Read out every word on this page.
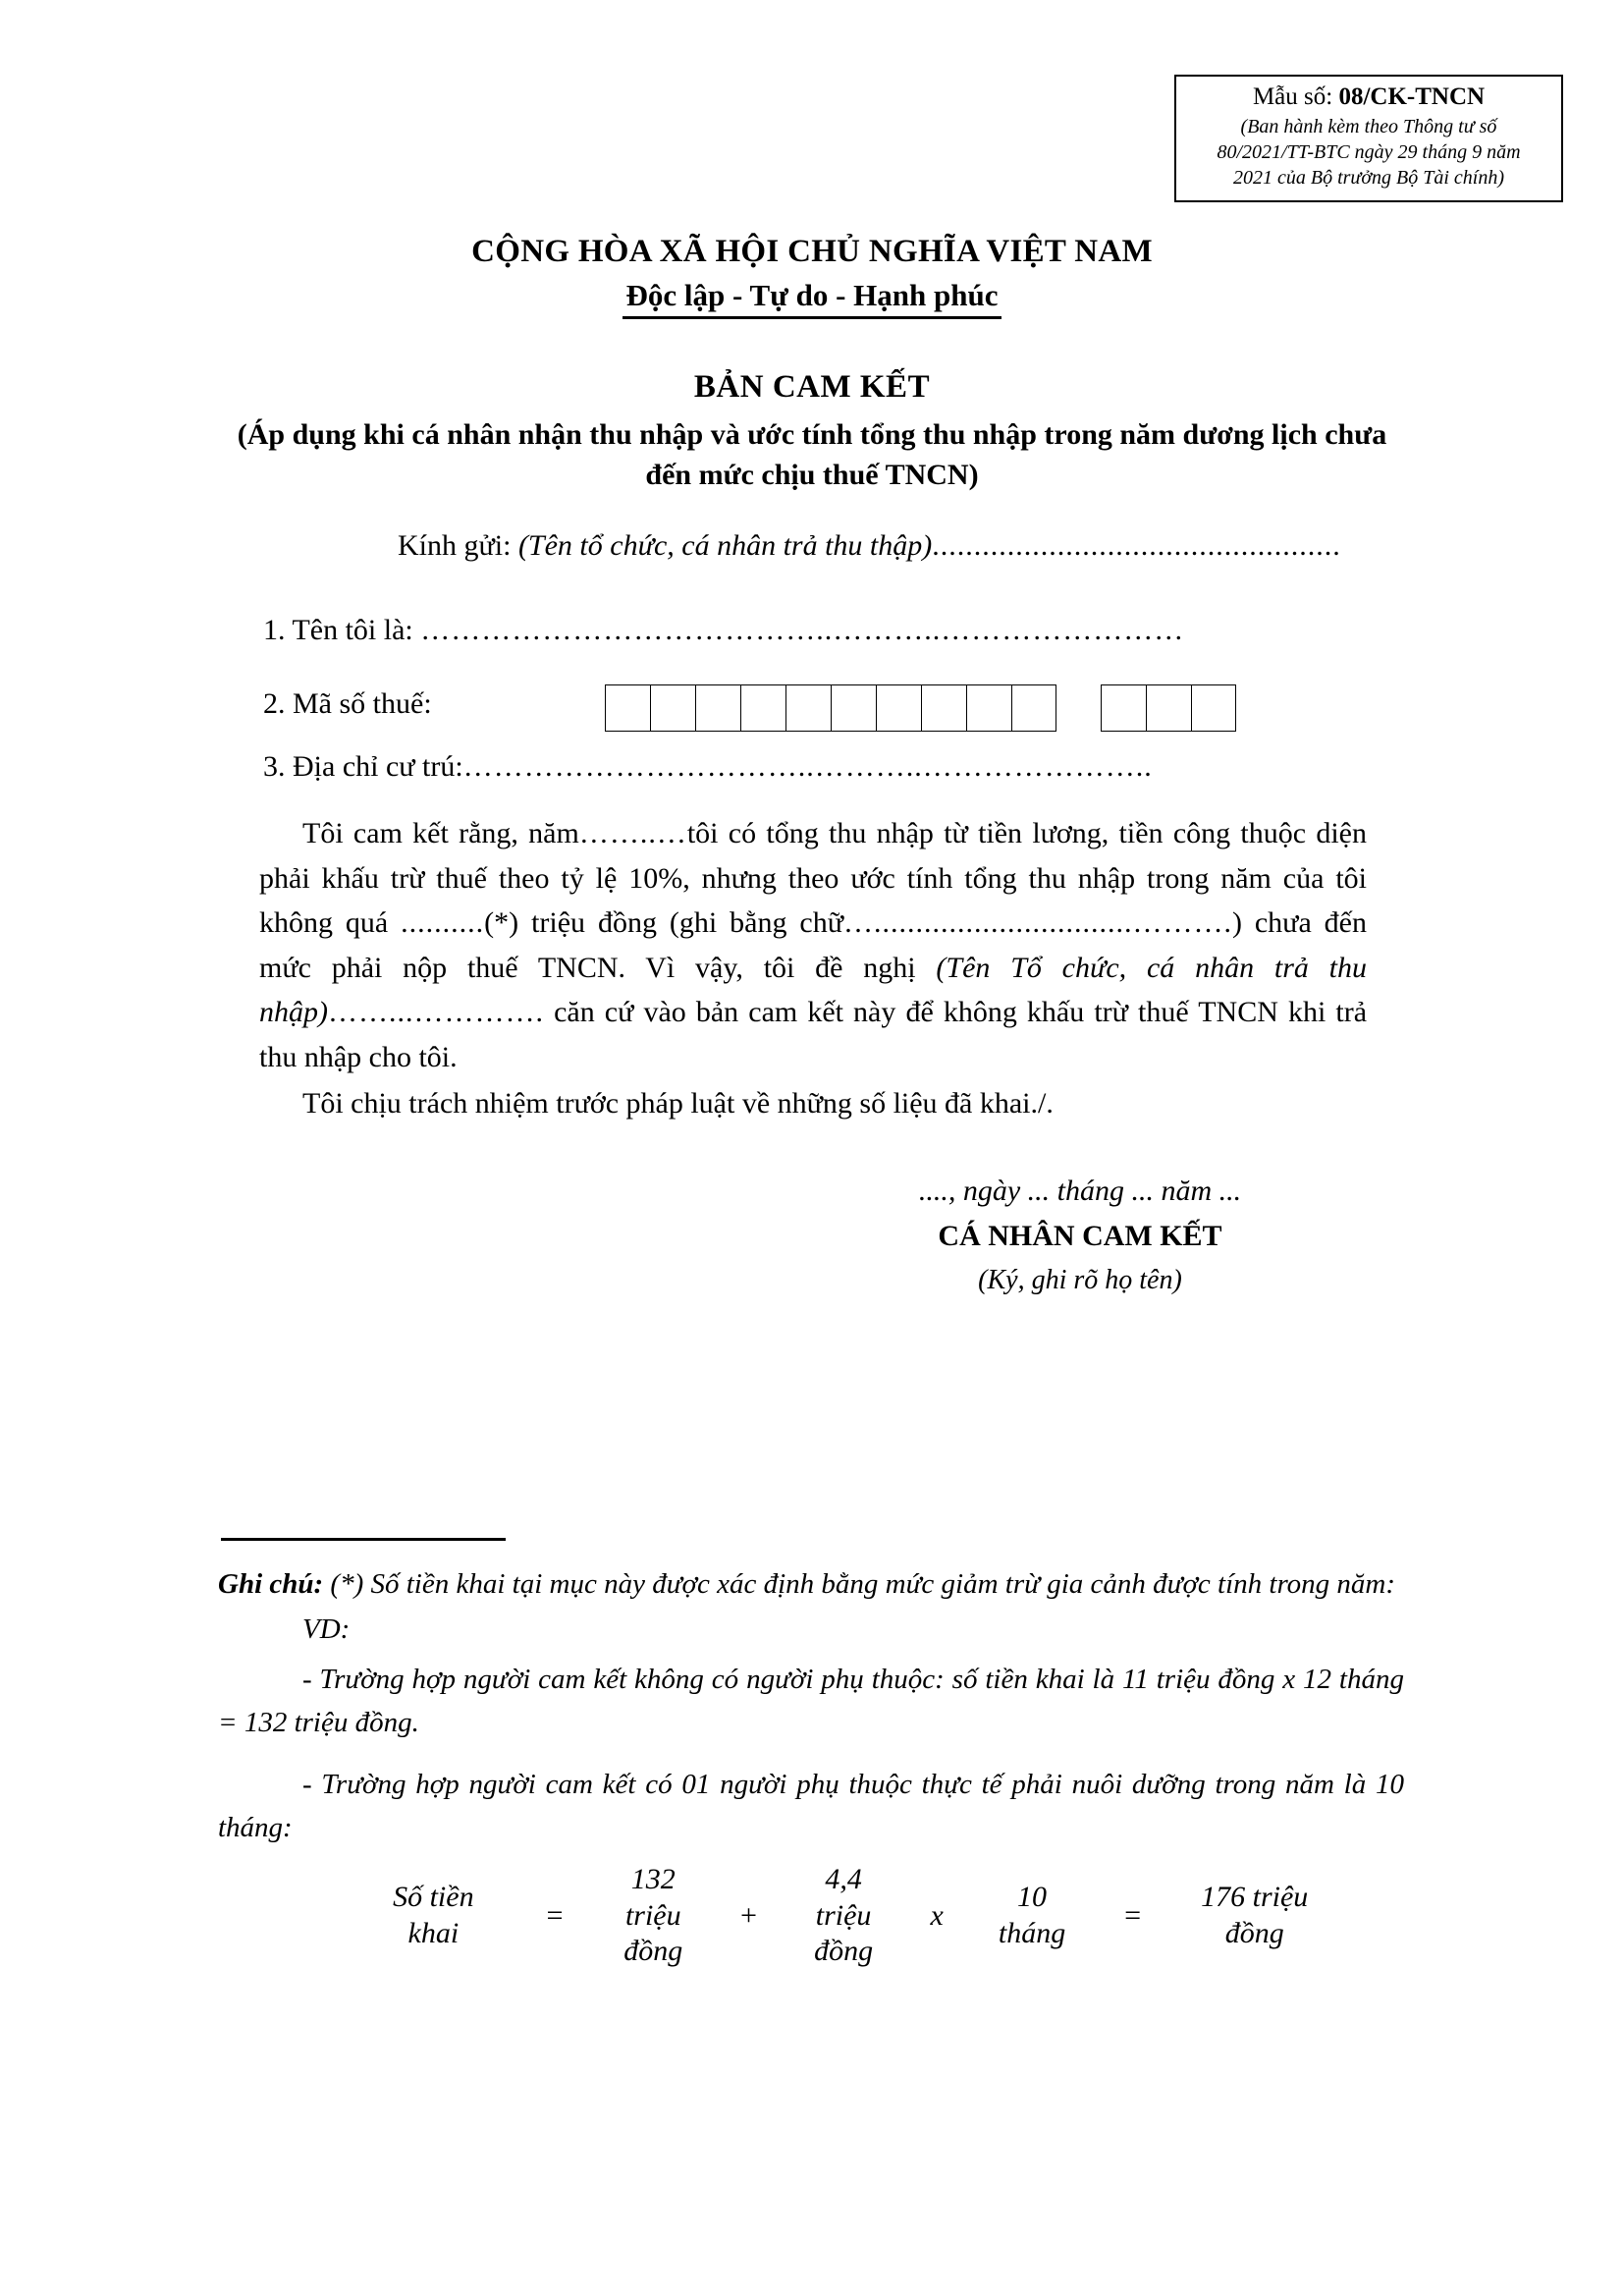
Mẫu số: 08/CK-TNCN
(Ban hành kèm theo Thông tư số
80/2021/TT-BTC ngày 29 tháng 9 năm
2021 của Bộ trưởng Bộ Tài chính)
CỘNG HÒA XÃ HỘI CHỦ NGHĨA VIỆT NAM
Độc lập - Tự do - Hạnh phúc
BẢN CAM KẾT
(Áp dụng khi cá nhân nhận thu nhập và ước tính tổng thu nhập trong năm dương lịch chưa đến mức chịu thuế TNCN)
Kính gửi: (Tên tổ chức, cá nhân trả thu thập).................................................
1. Tên tôi là: …………………………………..………..……………………
2. Mã số thuế:
3. Địa chỉ cư trú:……………………………..………..…………………..
Tôi cam kết rằng, năm……..…tôi có tổng thu nhập từ tiền lương, tiền công thuộc diện phải khấu trừ thuế theo tỷ lệ 10%, nhưng theo ước tính tổng thu nhập trong năm của tôi không quá ..........(*) triệu đồng (ghi bằng chữ…...............................……….) chưa đến mức phải nộp thuế TNCN. Vì vậy, tôi đề nghị (Tên Tổ chức, cá nhân trả thu nhập)……...…………. căn cứ vào bản cam kết này để không khấu trừ thuế TNCN khi trả thu nhập cho tôi.
Tôi chịu trách nhiệm trước pháp luật về những số liệu đã khai./.
...., ngày ... tháng ... năm ...
CÁ NHÂN CAM KẾT
(Ký, ghi rõ họ tên)
Ghi chú: (*) Số tiền khai tại mục này được xác định bằng mức giảm trừ gia cảnh được tính trong năm:
VD:
- Trường hợp người cam kết không có người phụ thuộc: số tiền khai là 11 triệu đồng x 12 tháng = 132 triệu đồng.
- Trường hợp người cam kết có 01 người phụ thuộc thực tế phải nuôi dưỡng trong năm là 10 tháng:
Số tiền
khai
=
132
triệu
đồng
+
4,4
triệu
đồng
x
10
tháng
=
176 triệu
đồng
